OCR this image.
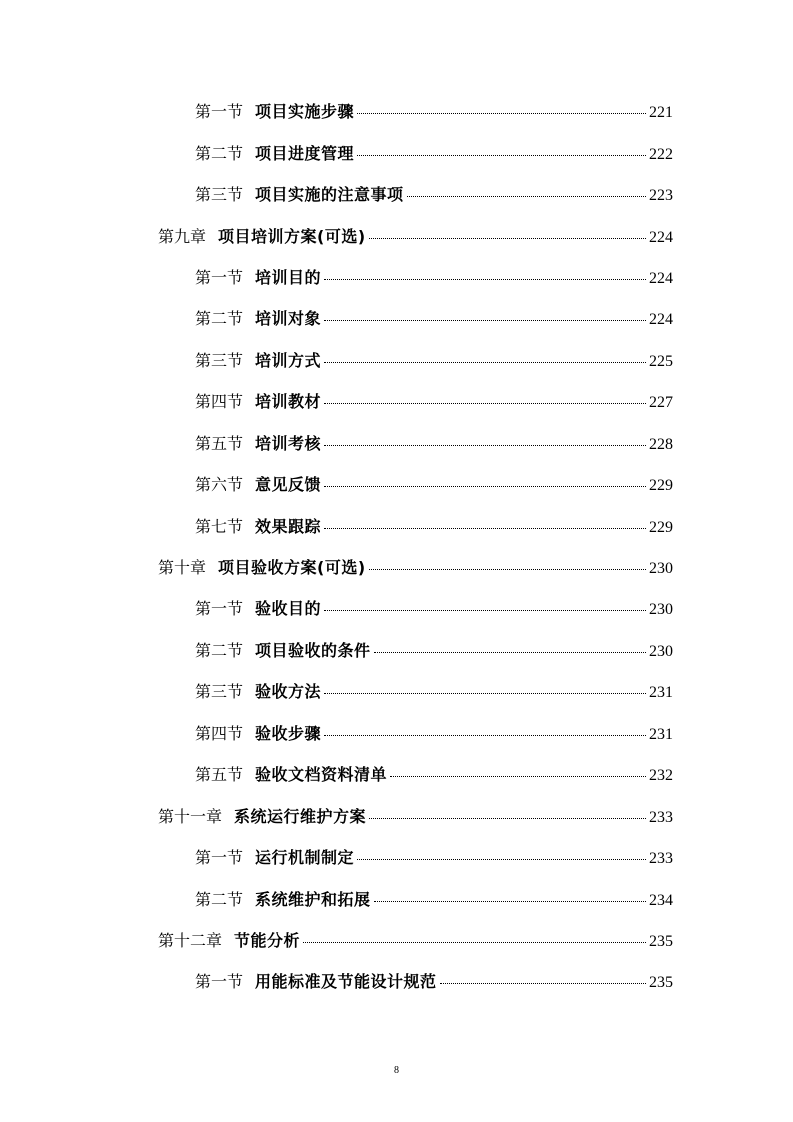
第一节 项目实施步骤	221
第二节 项目进度管理	222
第三节 项目实施的注意事项	223
第九章 项目培训方案(可选)	224
第一节 培训目的	224
第二节 培训对象	224
第三节 培训方式	225
第四节 培训教材	227
第五节 培训考核	228
第六节 意见反馈	229
第七节 效果跟踪	229
第十章 项目验收方案(可选)	230
第一节 验收目的	230
第二节 项目验收的条件	230
第三节 验收方法	231
第四节 验收步骤	231
第五节 验收文档资料清单	232
第十一章 系统运行维护方案	233
第一节 运行机制制定	233
第二节 系统维护和拓展	234
第十二章 节能分析	235
第一节 用能标准及节能设计规范	235
8
